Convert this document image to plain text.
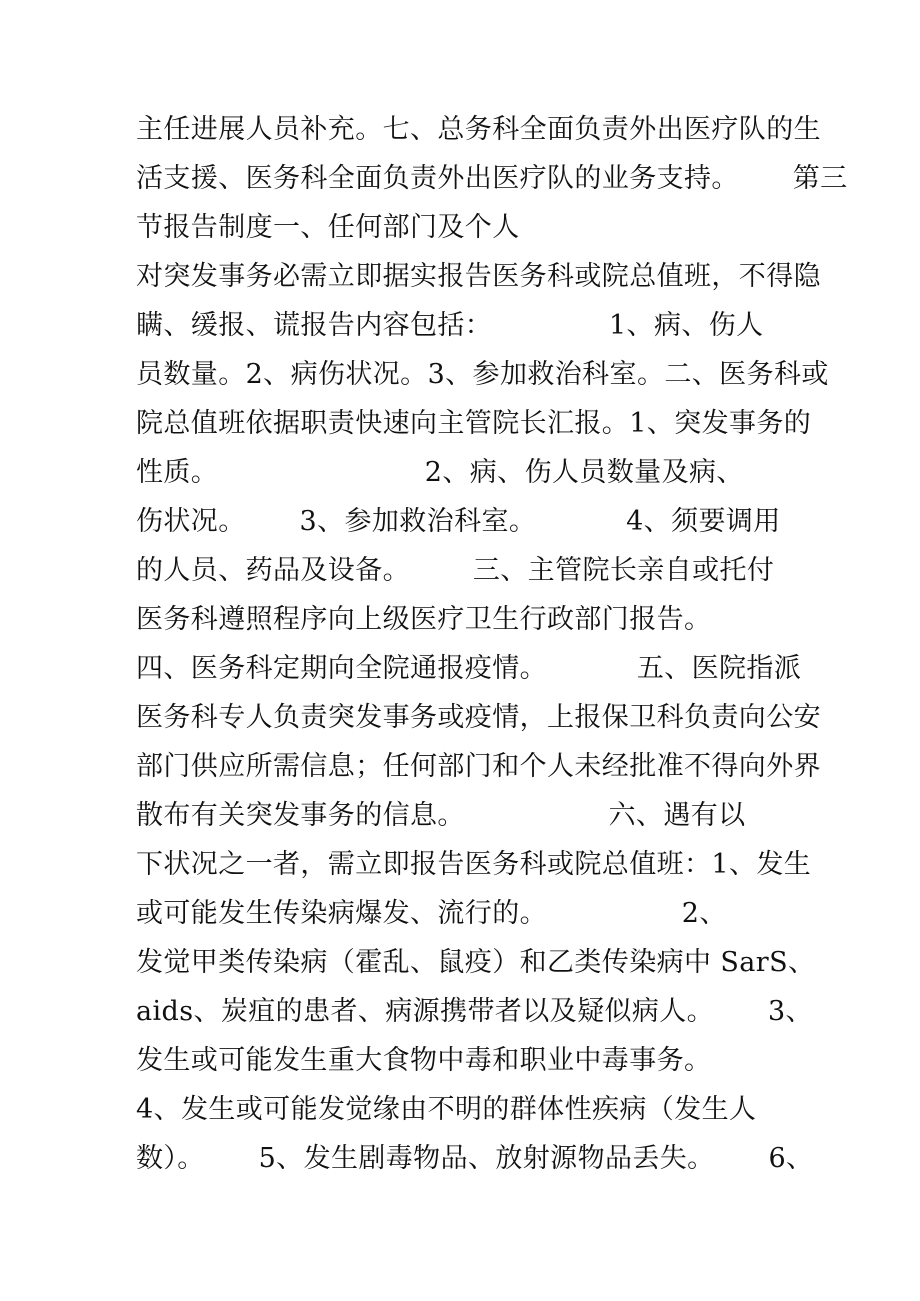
主任进展人员补充。七、总务科全面负责外出医疗队的生
活支援、医务科全面负责外出医疗队的业务支持。      第三
节报告制度一、任何部门及个人
对突发事务必需立即据实报告医务科或院总值班，不得隐
瞒、缓报、谎报告内容包括：             1、病、伤人
员数量。2、病伤状况。3、参加救治科室。二、医务科或
院总值班依据职责快速向主管院长汇报。1、突发事务的
性质。                       2、病、伤人员数量及病、
伤状况。      3、参加救治科室。          4、须要调用
的人员、药品及设备。       三、主管院长亲自或托付
医务科遵照程序向上级医疗卫生行政部门报告。
四、医务科定期向全院通报疫情。          五、医院指派
医务科专人负责突发事务或疫情，上报保卫科负责向公安
部门供应所需信息；任何部门和个人未经批准不得向外界
散布有关突发事务的信息。                六、遇有以
下状况之一者，需立即报告医务科或院总值班：1、发生
或可能发生传染病爆发、流行的。               2、
发觉甲类传染病（霍乱、鼠疫）和乙类传染病中 SarS、
aids、炭疽的患者、病源携带者以及疑似病人。      3、
发生或可能发生重大食物中毒和职业中毒事务。
4、发生或可能发觉缘由不明的群体性疾病（发生人
数）。      5、发生剧毒物品、放射源物品丢失。      6、
